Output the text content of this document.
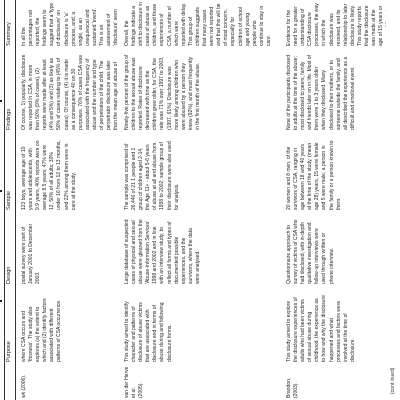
Purpose
Design
Sample
Findings
Summary
wk (2006).
where CSA occurs and 'thisness'. The study also explores (a) the extent to which and (2) identify factors associated with different patterns of CSA occurrence.
postal survey were part of January 2001 to December 2003.
123 boys, average age of 10 years and adolescents, with 9.9 years, 40% reports were on average 8.5 years; 47% were 12, 50% of all adults; 30% under 16 from 12 to 13 months, and 22% among them were in care at the study.
Of course, 1) popularly, disclosure was reported in CSA, in more than 50% (9% of cases), (2) reports were made after at least (4% and 5%) and (3) as likely as 50% of cases relating to (45% of cases). Of course, (4) it is made as a consequence 40 on 30 purposes. 76% of cases CSA was associated with the frequency of abuse and the number and type of perpetrators of the child. The perpetrator disclosure was later than the mean age of abuse of
In all the percentages not reported, the findings seem to suggest that a 'type of disclosure' on disclosure is 'a' process, and, a single, as an unequivocal and sustained 'event'. This is an assessment of 'disclosure' seen
van der Herve et al. (2005).
This study aimed to identify character and patterns of disclosure of abuse victims that are associated with disclosure and in terms of abuse during and following disclosure forms.
Large database of suspected cases of physical and sexual abuse were gleaned from the 'Abuse-Information Services' 1998 and 2002 and in line with an interview study, to reflect all forms and types of documented possible experiences, and the survivors, where the data were analysed.
The sample was comprised of 26,446 of 21 1 people and 1 group of children aged 2-14, the Age 11+ - about 5-6 years of abuse at all and abuse from 1998 to 2002; sample group of their disclosure were also used for analysis.
Ninety-five percent of the group of children to the sexual abuse was reported. Rates of disclosure decreased with time as the children grew older, for CSA, the rate was 71% over 1997 to 2003, (1997, 61%). Disclosure was more likely among children who were abused by a person they knew (92%), and most frequently in the first month of the abuse.
Overall, the findings indicate a shift to disclosure in cases of abuse as children, and those experiences of CSA, a number of which were reported with delay. This group of children suggests that many cases were not reported and that this will be of most concern, especially for children of school age and young people who continue to stay in care.
Brandon, (2003).
This study aimed to explore the disclosure experiences of adults who had been victims of sexual abuse during childhood, the experience as to how and why the disclosure happened and what processes and factors were involved at the time of disclosure.
Questionnaire approach to survey of victims of CSA who had disclosed, with in-depth qualitative investigation and follow-up interviews were used through written or phone interview.
20 women and 8 men, of the survivors of CSA, ranging in age between 18 and 40 years at the time of the study, (mean age 28) years, 15 were female and 5 were male, a person in the family or a person known to them.
None of the participants disclosed to adults at the time of the abuse; most disclosed to peers, family and friends later on in life. Most of them were 1 to 3 years older when they disclosed. Many disclosed to their mothers, or to someone outside the family, and all described the experience as a difficult and emotional event.
Evidence for the need for a greater understanding of CSA disclosure processes, the way in which the disclosure was received, and its relationship to later disclosure is likely. This study reports that the disclosure was made at the age of 15 years or
(cont inued)
